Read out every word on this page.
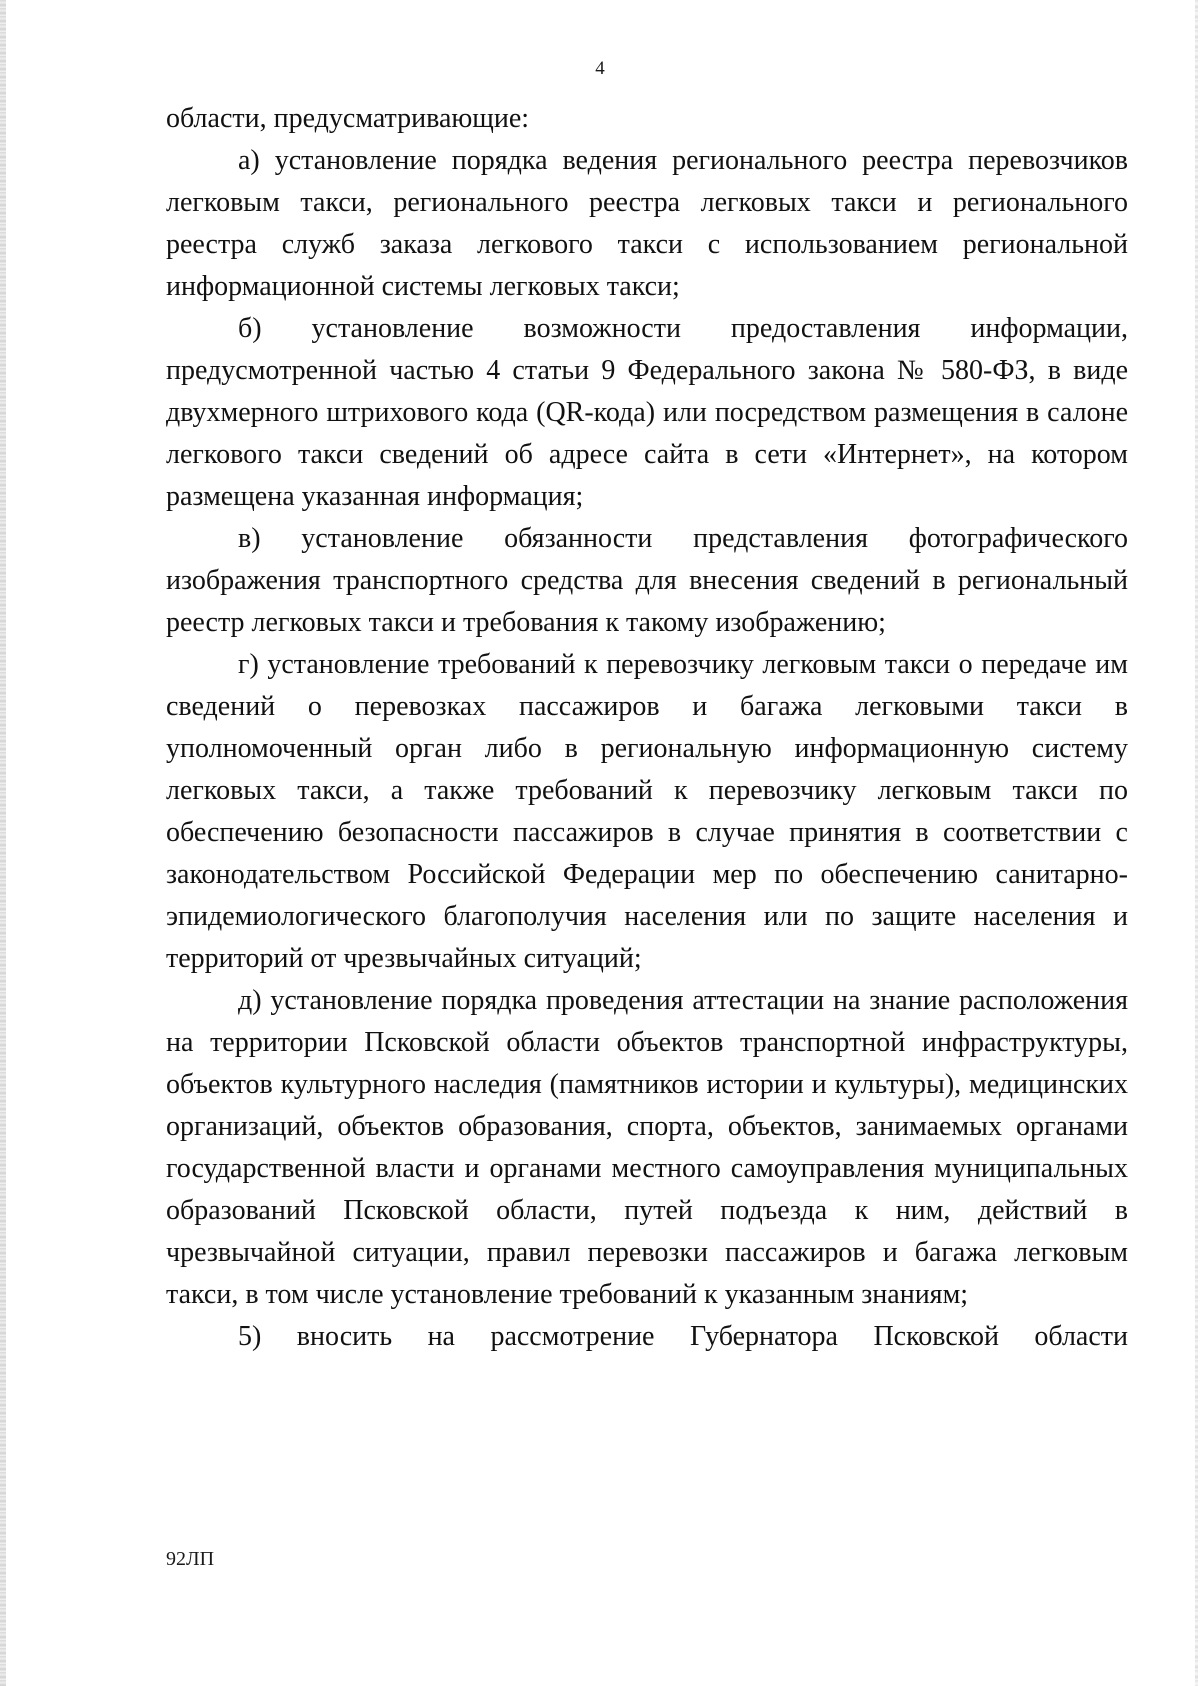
4

области, предусматривающие:

а) установление порядка ведения регионального реестра перевозчиков легковым такси, регионального реестра легковых такси и регионального реестра служб заказа легкового такси с использованием региональной информационной системы легковых такси;

б) установление возможности предоставления информации, предусмотренной частью 4 статьи 9 Федерального закона № 580-ФЗ, в виде двухмерного штрихового кода (QR-кода) или посредством размещения в салоне легкового такси сведений об адресе сайта в сети «Интернет», на котором размещена указанная информация;

в) установление обязанности представления фотографического изображения транспортного средства для внесения сведений в региональный реестр легковых такси и требования к такому изображению;

г) установление требований к перевозчику легковым такси о передаче им сведений о перевозках пассажиров и багажа легковыми такси в уполномоченный орган либо в региональную информационную систему легковых такси, а также требований к перевозчику легковым такси по обеспечению безопасности пассажиров в случае принятия в соответствии с законодательством Российской Федерации мер по обеспечению санитарно-эпидемиологического благополучия населения или по защите населения и территорий от чрезвычайных ситуаций;

д) установление порядка проведения аттестации на знание расположения на территории Псковской области объектов транспортной инфраструктуры, объектов культурного наследия (памятников истории и культуры), медицинских организаций, объектов образования, спорта, объектов, занимаемых органами государственной власти и органами местного самоуправления муниципальных образований Псковской области, путей подъезда к ним, действий в чрезвычайной ситуации, правил перевозки пассажиров и багажа легковым такси, в том числе установление требований к указанным знаниям;

5) вносить на рассмотрение Губернатора Псковской области

92ЛП
